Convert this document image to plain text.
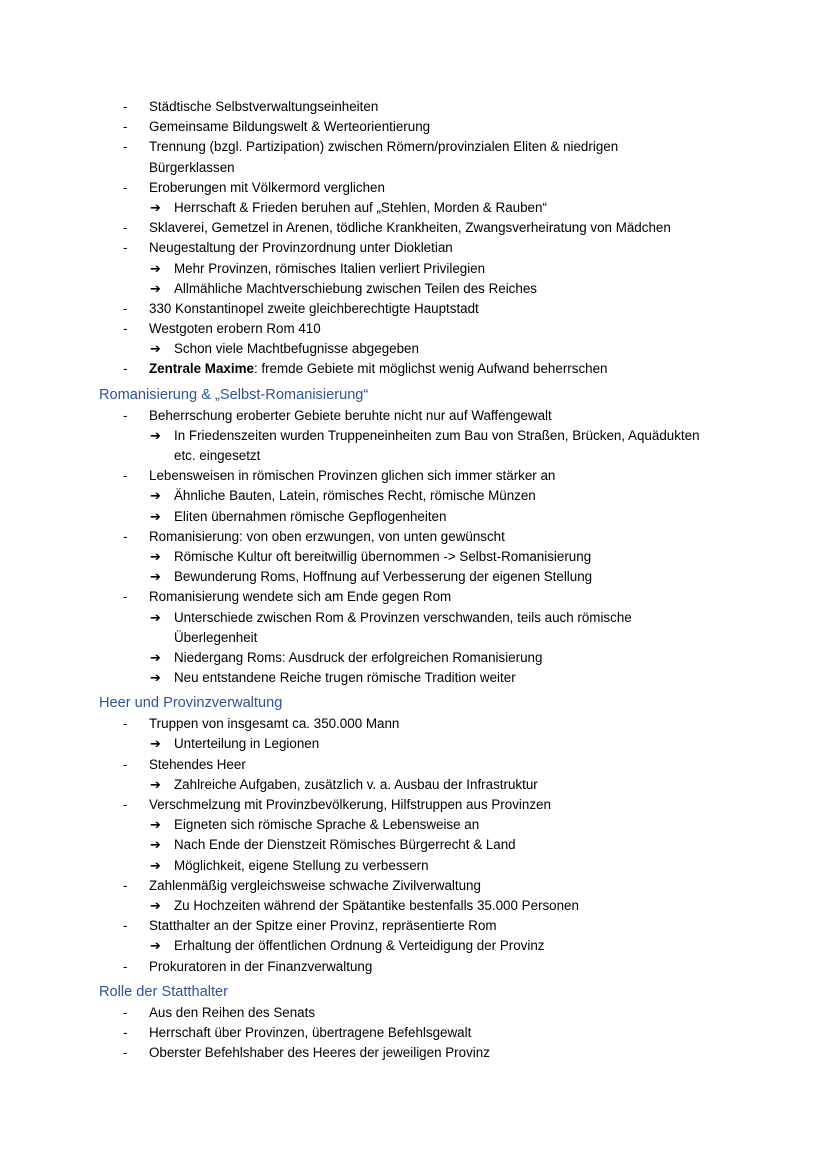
- Städtische Selbstverwaltungseinheiten
- Gemeinsame Bildungswelt & Werteorientierung
- Trennung (bzgl. Partizipation) zwischen Römern/provinzialen Eliten & niedrigen
Bürgerklassen
- Eroberungen mit Völkermord verglichen
➔ Herrschaft & Frieden beruhen auf „Stehlen, Morden & Rauben“
- Sklaverei, Gemetzel in Arenen, tödliche Krankheiten, Zwangsverheiratung von Mädchen
- Neugestaltung der Provinzordnung unter Diokletian
➔ Mehr Provinzen, römisches Italien verliert Privilegien
➔ Allmähliche Machtverschiebung zwischen Teilen des Reiches
- 330 Konstantinopel zweite gleichberechtigte Hauptstadt
- Westgoten erobern Rom 410
➔ Schon viele Machtbefugnisse abgegeben
- Zentrale Maxime: fremde Gebiete mit möglichst wenig Aufwand beherrschen
Romanisierung & „Selbst-Romanisierung“
- Beherrschung eroberter Gebiete beruhte nicht nur auf Waffengewalt
➔ In Friedenszeiten wurden Truppeneinheiten zum Bau von Straßen, Brücken, Aquädukten
etc. eingesetzt
- Lebensweisen in römischen Provinzen glichen sich immer stärker an
➔ Ähnliche Bauten, Latein, römisches Recht, römische Münzen
➔ Eliten übernahmen römische Gepflogenheiten
- Romanisierung: von oben erzwungen, von unten gewünscht
➔ Römische Kultur oft bereitwillig übernommen -> Selbst-Romanisierung
➔ Bewunderung Roms, Hoffnung auf Verbesserung der eigenen Stellung
- Romanisierung wendete sich am Ende gegen Rom
➔ Unterschiede zwischen Rom & Provinzen verschwanden, teils auch römische
Überlegenheit
➔ Niedergang Roms: Ausdruck der erfolgreichen Romanisierung
➔ Neu entstandene Reiche trugen römische Tradition weiter
Heer und Provinzverwaltung
- Truppen von insgesamt ca. 350.000 Mann
➔ Unterteilung in Legionen
- Stehendes Heer
➔ Zahlreiche Aufgaben, zusätzlich v. a. Ausbau der Infrastruktur
- Verschmelzung mit Provinzbevölkerung, Hilfstruppen aus Provinzen
➔ Eigneten sich römische Sprache & Lebensweise an
➔ Nach Ende der Dienstzeit Römisches Bürgerrecht & Land
➔ Möglichkeit, eigene Stellung zu verbessern
- Zahlenmäßig vergleichsweise schwache Zivilverwaltung
➔ Zu Hochzeiten während der Spätantike bestenfalls 35.000 Personen
- Statthalter an der Spitze einer Provinz, repräsentierte Rom
➔ Erhaltung der öffentlichen Ordnung & Verteidigung der Provinz
- Prokuratoren in der Finanzverwaltung
Rolle der Statthalter
- Aus den Reihen des Senats
- Herrschaft über Provinzen, übertragene Befehlsgewalt
- Oberster Befehlshaber des Heeres der jeweiligen Provinz
